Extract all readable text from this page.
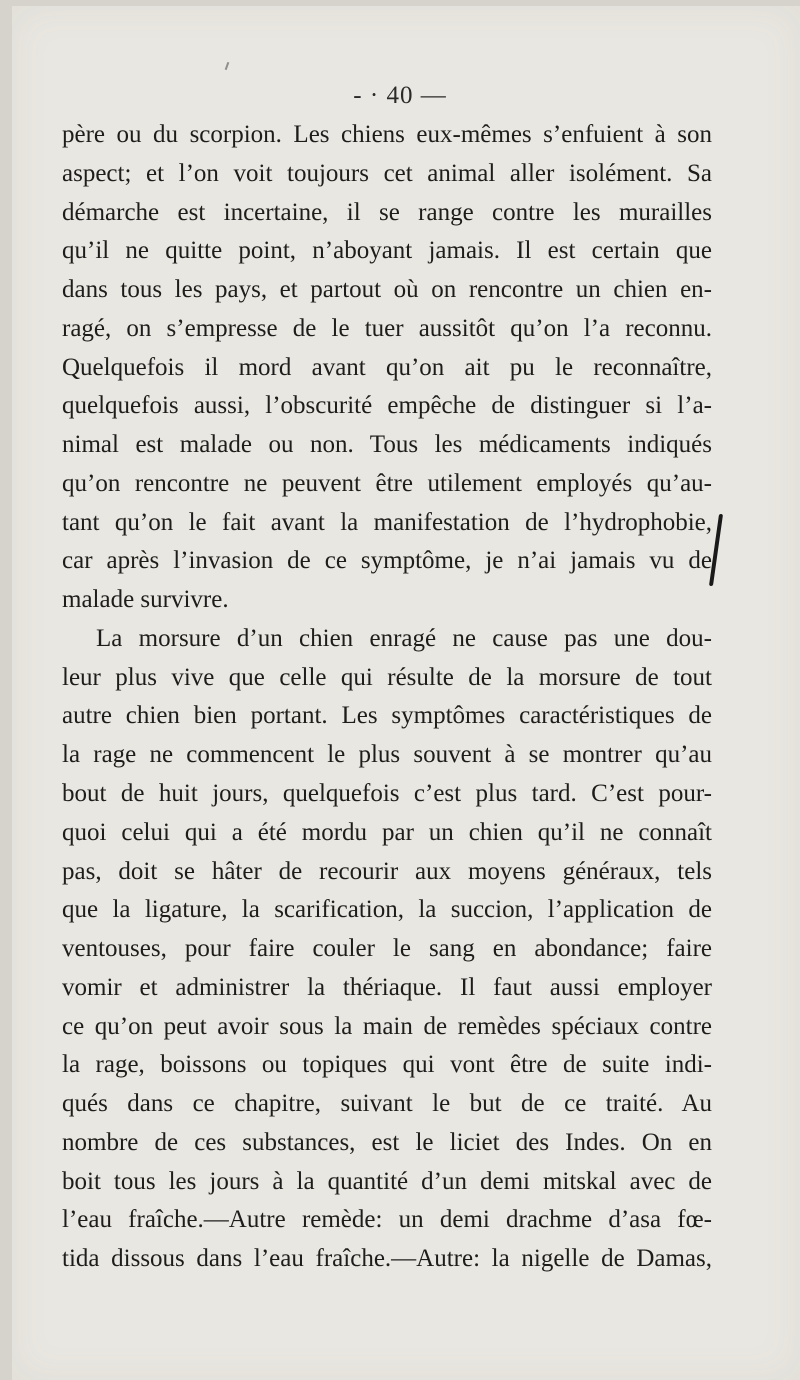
- · 40 —

père ou du scorpion. Les chiens eux-mêmes s’enfuient à son
aspect; et l’on voit toujours cet animal aller isolément. Sa
démarche est incertaine, il se range contre les murailles
qu’il ne quitte point, n’aboyant jamais. Il est certain que
dans tous les pays, et partout où on rencontre un chien en-
ragé, on s’empresse de le tuer aussitôt qu’on l’a reconnu.
Quelquefois il mord avant qu’on ait pu le reconnaître,
quelquefois aussi, l’obscurité empêche de distinguer si l’a-
nimal est malade ou non. Tous les médicaments indiqués
qu’on rencontre ne peuvent être utilement employés qu’au-
tant qu’on le fait avant la manifestation de l’hydrophobie,
car après l’invasion de ce symptôme, je n’ai jamais vu de
malade survivre.
La morsure d’un chien enragé ne cause pas une dou-
leur plus vive que celle qui résulte de la morsure de tout
autre chien bien portant. Les symptômes caractéristiques de
la rage ne commencent le plus souvent à se montrer qu’au
bout de huit jours, quelquefois c’est plus tard. C’est pour-
quoi celui qui a été mordu par un chien qu’il ne connaît
pas, doit se hâter de recourir aux moyens généraux, tels
que la ligature, la scarification, la succion, l’application de
ventouses, pour faire couler le sang en abondance; faire
vomir et administrer la thériaque. Il faut aussi employer
ce qu’on peut avoir sous la main de remèdes spéciaux contre
la rage, boissons ou topiques qui vont être de suite indi-
qués dans ce chapitre, suivant le but de ce traité. Au
nombre de ces substances, est le liciet des Indes. On en
boit tous les jours à la quantité d’un demi mitskal avec de
l’eau fraîche.—Autre remède: un demi drachme d’asa fœ-
tida dissous dans l’eau fraîche.—Autre: la nigelle de Damas,
